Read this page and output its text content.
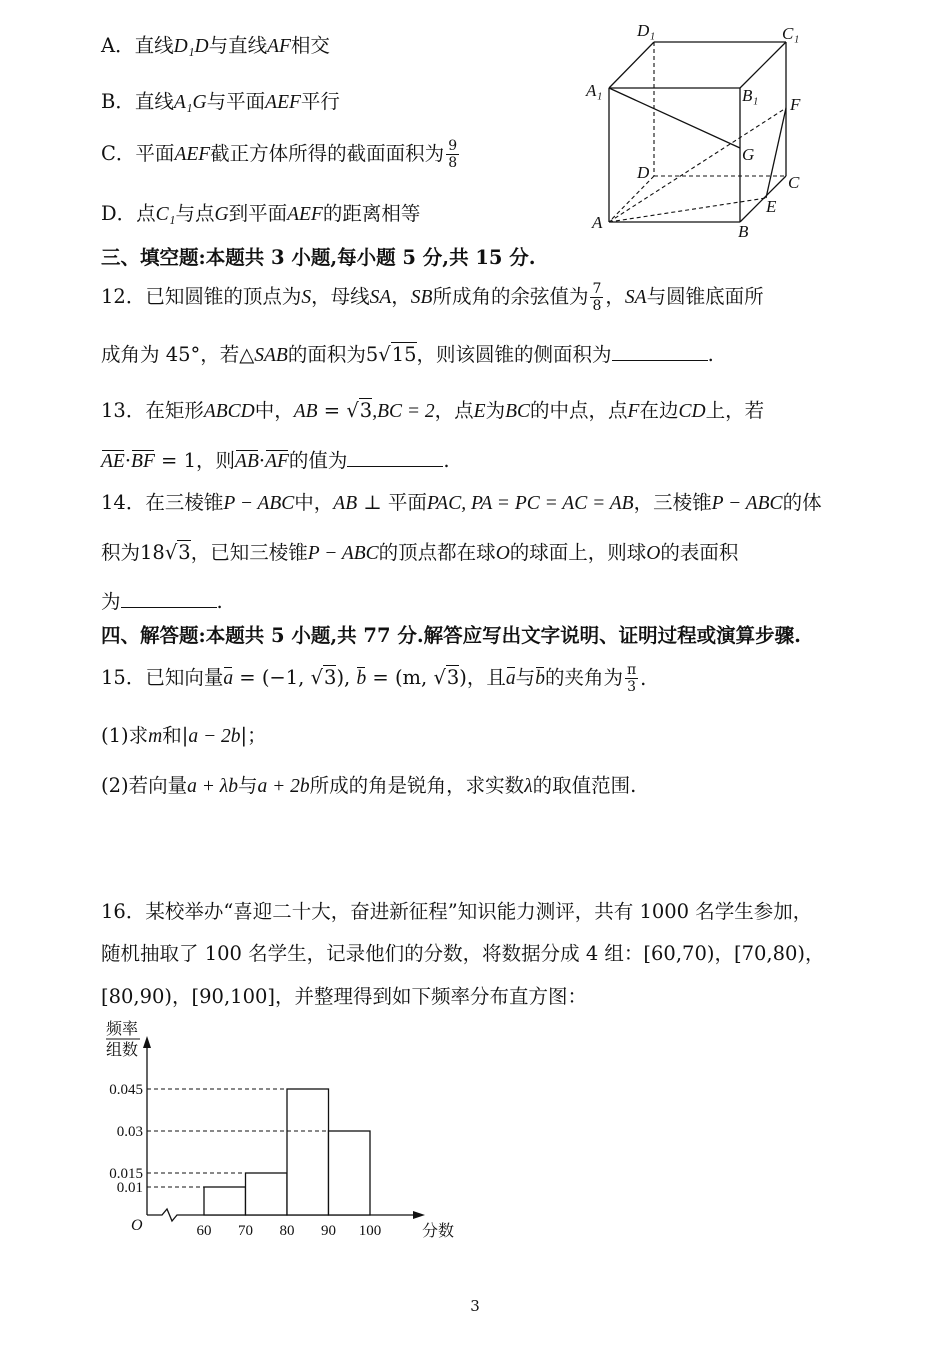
A．直线D₁D与直线AF相交
B．直线A₁G与平面AEF平行
C．平面AEF截正方体所得的截面面积为 $\frac{9}{8}$
D．点C₁与点G到平面AEF的距离相等
D₁	C₁
A₁	B₁ F
G
D
C
E
A	B
三、填空题:本题共 3 小题,每小题 5 分,共 15 分.
12．已知圆锥的顶点为S，母线SA，SB所成角的余弦值为 $\frac{7}{8}$ ，SA与圆锥底面所
成角为 45°，若△SAB的面积为5√15，则该圆锥的侧面积为	.
13．在矩形ABCD中，AB = √3,BC = 2，点E为BC的中点，点F在边CD上，若
AE·BF = 1，则AB·AF的值为	.
14．在三棱锥P − ABC中，AB ⊥ 平面PAC, PA = PC = AC = AB，三棱锥P − ABC的体
积为18√3，已知三棱锥P − ABC的顶点都在球O的球面上，则球O的表面积
为	.
四、解答题:本题共 5 小题,共 77 分.解答应写出文字说明、证明过程或演算步骤.
15．已知向量a = (−1, √3), b = (m, √3)，且a与b的夹角为 $\frac{\pi}{3}$ .
(1)求m和|a − 2b|；
(2)若向量a + λb与a + 2b所成的角是锐角，求实数λ的取值范围.
16．某校举办“喜迎二十大，奋进新征程”知识能力测评，共有 1000 名学生参加，
随机抽取了 100 名学生，记录他们的分数，将数据分成 4 组：[60,70)，[70,80)，
[80,90)，[90,100]，并整理得到如下频率分布直方图：
频率
组数
O	分数
0.045
0.03
0.015
0.01
60 70 80 90 100
3
